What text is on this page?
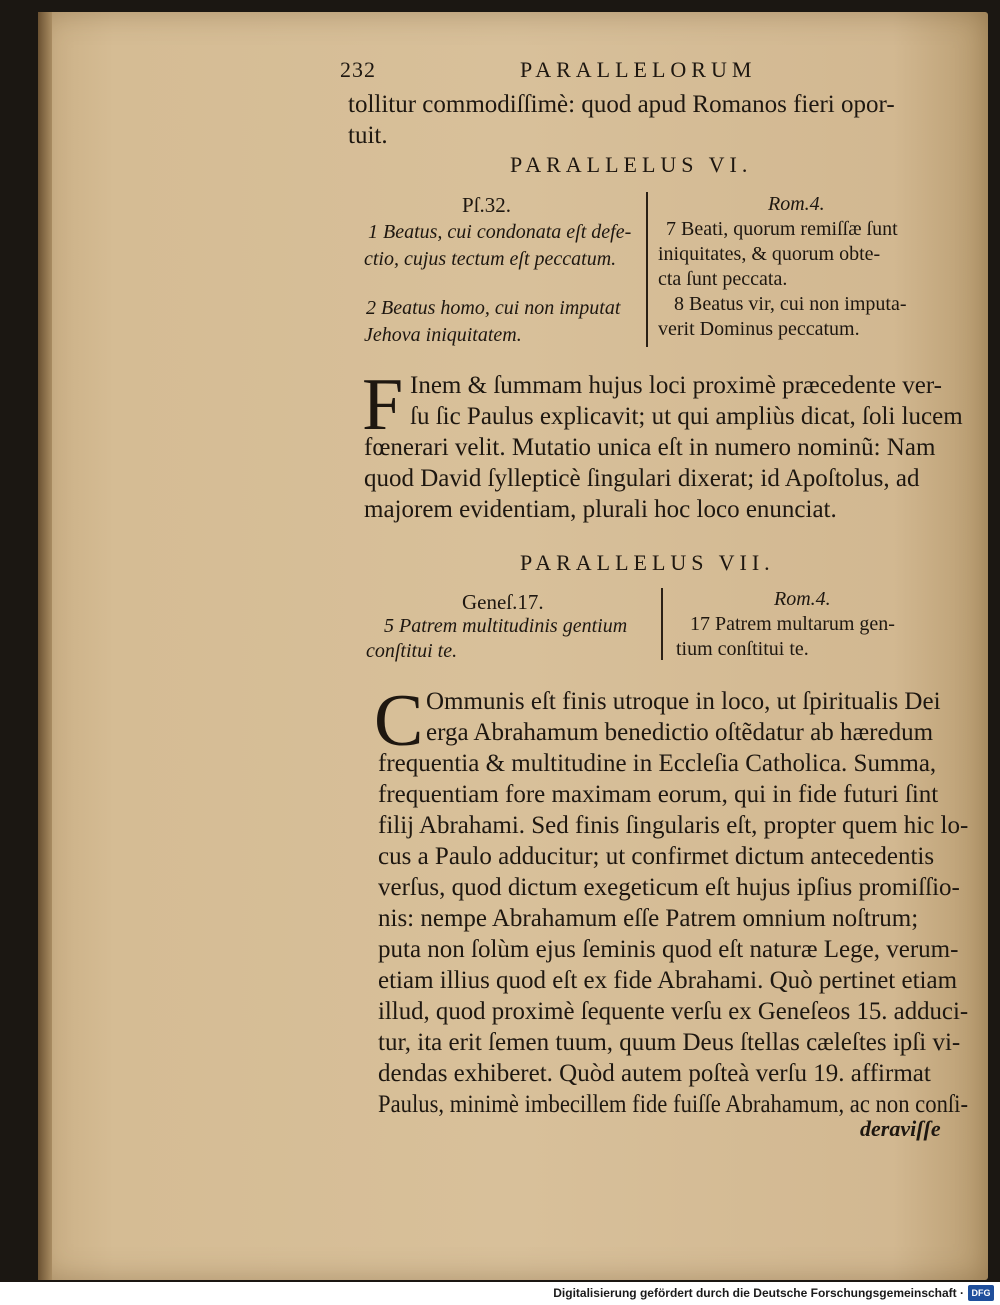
232	PARALLELORUM
tollitur commodiſſimè: quod apud Romanos fieri opor-
tuit.
PARALLELUS VI.
Pſ.32.
1 Beatus, cui condonata eſt defe-
ctio, cujus tectum eſt peccatum.
2 Beatus homo, cui non imputat
Jehova iniquitatem.
Rom.4.
7 Beati, quorum remiſſæ ſunt
iniquitates, & quorum obte-
cta ſunt peccata.
8 Beatus vir, cui non imputa-
verit Dominus peccatum.
F Inem & ſummam hujus loci proximè præcedente ver-
ſu ſic Paulus explicavit; ut qui ampliùs dicat, ſoli lucem
fœnerari velit. Mutatio unica eſt in numero nominũ: Nam
quod David ſyllepticè ſingulari dixerat; id Apoſtolus, ad
majorem evidentiam, plurali hoc loco enunciat.
PARALLELUS VII.
Geneſ.17.
5 Patrem multitudinis gentium
conſtitui te.
Rom.4.
17 Patrem multarum gen-
tium conſtitui te.
C Ommunis eſt finis utroque in loco, ut ſpiritualis Dei
erga Abrahamum benedictio oſtẽdatur ab hæredum
frequentia & multitudine in Eccleſia Catholica. Summa,
frequentiam fore maximam eorum, qui in fide futuri ſint
filij Abrahami. Sed finis ſingularis eſt, propter quem hic lo-
cus a Paulo adducitur; ut confirmet dictum antecedentis
verſus, quod dictum exegeticum eſt hujus ipſius promiſſio-
nis: nempe Abrahamum eſſe Patrem omnium noſtrum;
puta non ſolùm ejus ſeminis quod eſt naturæ Lege, verum-
etiam illius quod eſt ex fide Abrahami. Quò pertinet etiam
illud, quod proximè ſequente verſu ex Geneſeos 15. adduci-
tur, ita erit ſemen tuum, quum Deus ſtellas cæleſtes ipſi vi-
dendas exhiberet. Quòd autem poſteà verſu 19. affirmat
Paulus, minimè imbecillem fide fuiſſe Abrahamum, ac non conſi-
deraviſſe
Digitalisierung gefördert durch die Deutsche Forschungsgemeinschaft · DFG
